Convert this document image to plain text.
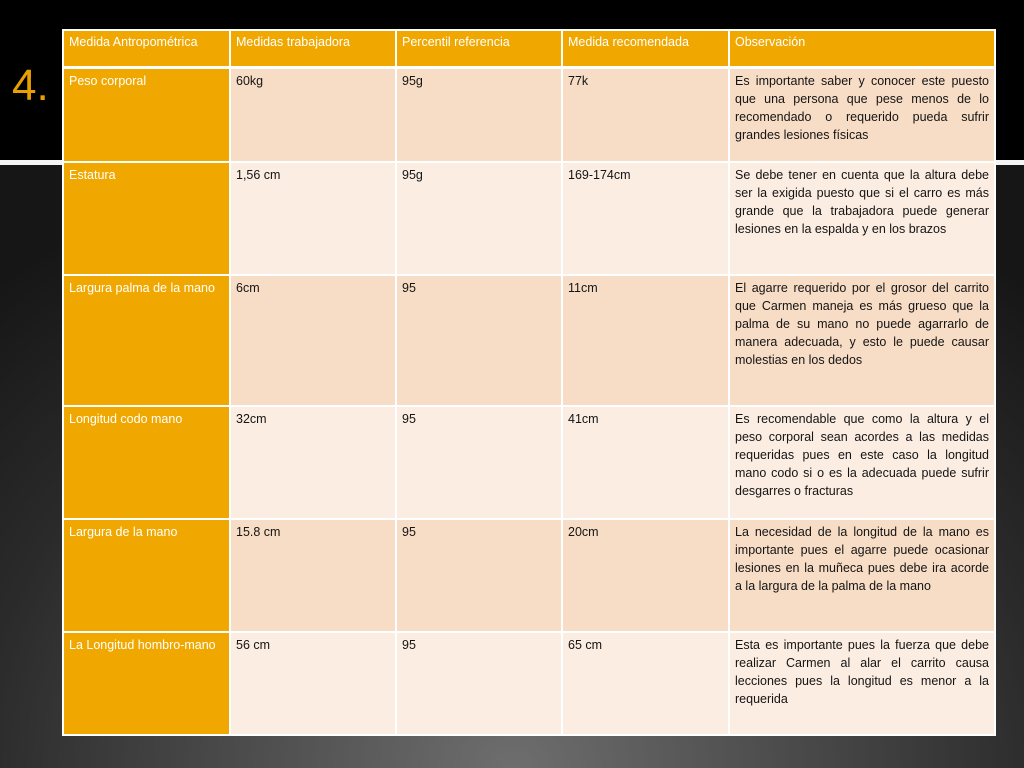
4.
Medida Antropométrica	Medidas trabajadora	Percentil referencia	Medida recomendada	Observación
Peso corporal	60kg	95g	77k	Es importante saber y conocer este puesto que una persona que pese menos de lo recomendado o requerido pueda sufrir grandes lesiones físicas
Estatura	1,56 cm	95g	169-174cm	Se debe tener en cuenta que la altura debe ser la exigida puesto que si el carro es más grande que la trabajadora puede generar lesiones en la espalda y en los brazos
Largura palma de la mano	6cm	95	11cm	El agarre requerido por el grosor del carrito que Carmen maneja es más grueso que la palma de su mano no puede agarrarlo de manera adecuada, y esto le puede causar molestias en los dedos
Longitud codo mano	32cm	95	41cm	Es recomendable que como la altura y el peso corporal sean acordes a las medidas requeridas pues en este caso la longitud mano codo si o es la adecuada puede sufrir desgarres o fracturas
Largura de la mano	15.8 cm	95	20cm	La necesidad de la longitud de la mano es importante pues el agarre puede ocasionar lesiones en la muñeca pues debe ira acorde a la largura de la palma de la mano
La Longitud hombro-mano	56 cm	95	65 cm	Esta es importante pues la fuerza que debe realizar Carmen al alar el carrito causa lecciones pues la longitud es menor a la requerida
